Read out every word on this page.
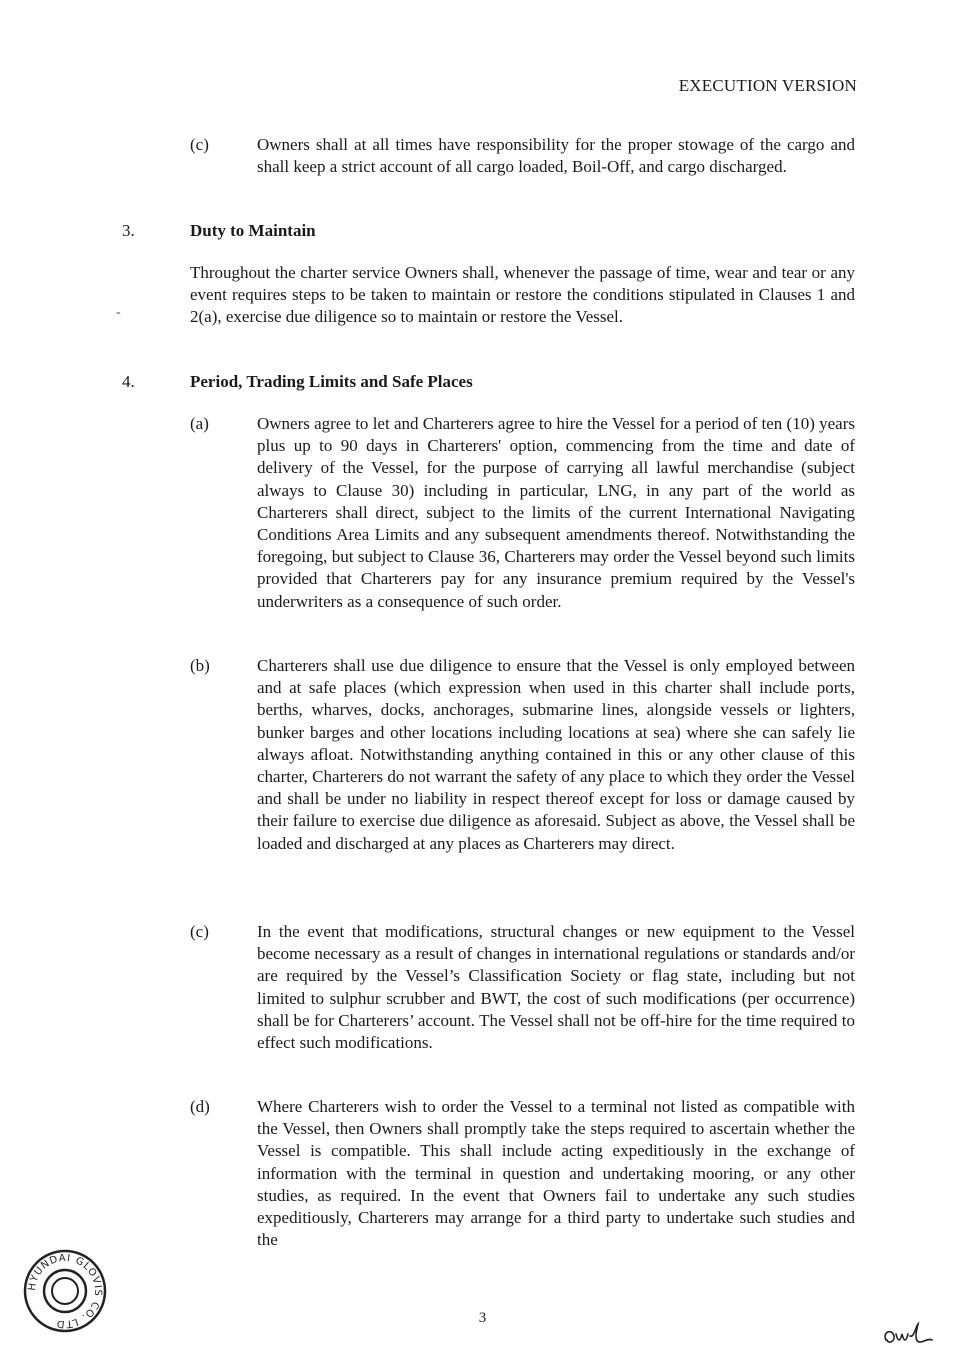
EXECUTION VERSION
(c)	Owners shall at all times have responsibility for the proper stowage of the cargo and shall keep a strict account of all cargo loaded, Boil-Off, and cargo discharged.
3.	Duty to Maintain
Throughout the charter service Owners shall, whenever the passage of time, wear and tear or any event requires steps to be taken to maintain or restore the conditions stipulated in Clauses 1 and 2(a), exercise due diligence so to maintain or restore the Vessel.
-
4.	Period, Trading Limits and Safe Places
(a)	Owners agree to let and Charterers agree to hire the Vessel for a period of ten (10) years plus up to 90 days in Charterers' option, commencing from the time and date of delivery of the Vessel, for the purpose of carrying all lawful merchandise (subject always to Clause 30) including in particular, LNG, in any part of the world as Charterers shall direct, subject to the limits of the current International Navigating Conditions Area Limits and any subsequent amendments thereof. Notwithstanding the foregoing, but subject to Clause 36, Charterers may order the Vessel beyond such limits provided that Charterers pay for any insurance premium required by the Vessel's underwriters as a consequence of such order.
(b)	Charterers shall use due diligence to ensure that the Vessel is only employed between and at safe places (which expression when used in this charter shall include ports, berths, wharves, docks, anchorages, submarine lines, alongside vessels or lighters, bunker barges and other locations including locations at sea) where she can safely lie always afloat. Notwithstanding anything contained in this or any other clause of this charter, Charterers do not warrant the safety of any place to which they order the Vessel and shall be under no liability in respect thereof except for loss or damage caused by their failure to exercise due diligence as aforesaid. Subject as above, the Vessel shall be loaded and discharged at any places as Charterers may direct.
(c)	In the event that modifications, structural changes or new equipment to the Vessel become necessary as a result of changes in international regulations or standards and/or are required by the Vessel’s Classification Society or flag state, including but not limited to sulphur scrubber and BWT, the cost of such modifications (per occurrence) shall be for Charterers’ account. The Vessel shall not be off-hire for the time required to effect such modifications.
(d)	Where Charterers wish to order the Vessel to a terminal not listed as compatible with the Vessel, then Owners shall promptly take the steps required to ascertain whether the Vessel is compatible. This shall include acting expeditiously in the exchange of information with the terminal in question and undertaking mooring, or any other studies, as required. In the event that Owners fail to undertake any such studies expeditiously, Charterers may arrange for a third party to undertake such studies and the
HYUNDAI GLOVIS CO. LTD	3
